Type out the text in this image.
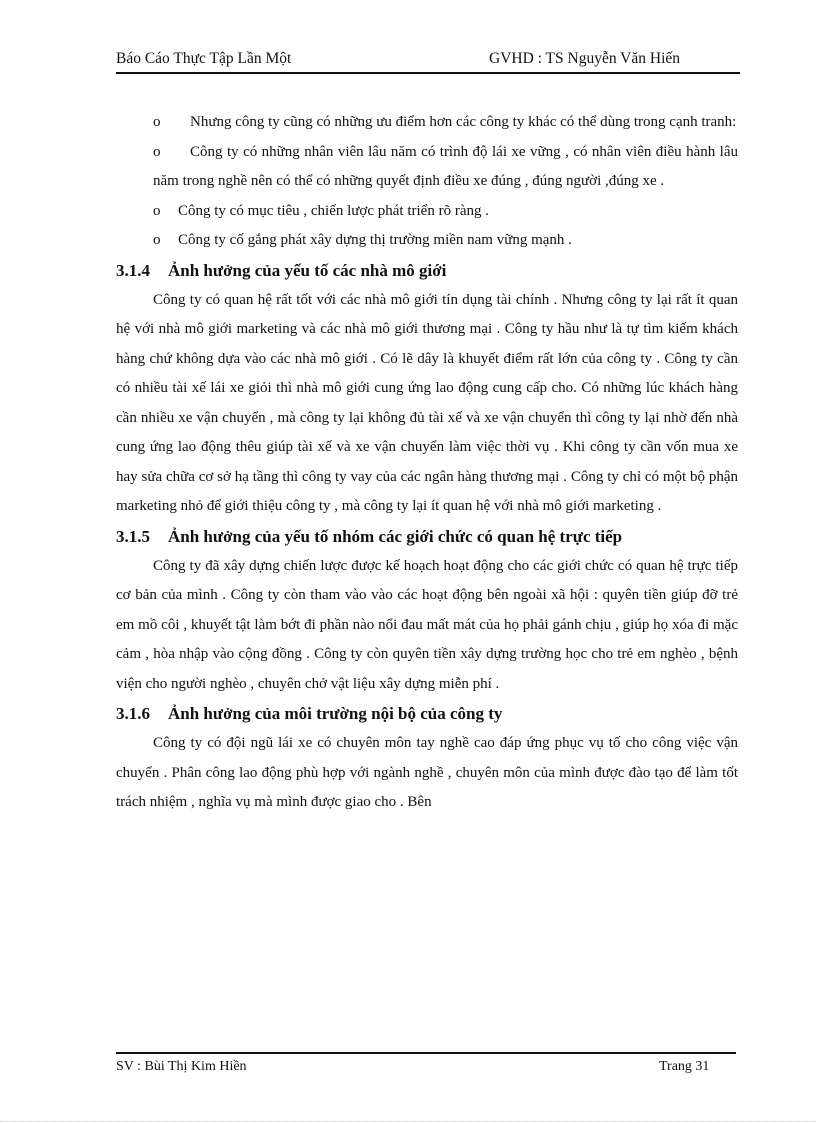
Báo Cáo Thực Tập Lần Một	GVHD : TS Nguyễn Văn Hiến
o Nhưng công ty cũng có những ưu điểm hơn các công ty khác có thể dùng trong cạnh tranh:
o Công ty có những nhân viên lâu năm có trình độ lái xe vững , có nhân viên điều hành lâu năm trong nghề nên có thể có những quyết định điều xe đúng , đúng người ,đúng xe .
o Công ty có mục tiêu , chiến lược phát triển rõ ràng .
o Công ty cố gắng phát xây dựng thị trường miền nam vững mạnh .
3.1.4 Ảnh hưởng của yếu tố các nhà mô giới

Công ty có quan hệ rất tốt với các nhà mô giới tín dụng tài chính . Nhưng công ty lại rất ít quan hệ với nhà mô giới marketing và các nhà mô giới thương mại . Công ty hầu như là tự tìm kiếm khách hàng chứ không dựa vào các nhà mô giới . Có lẽ dây là khuyết điểm rất lớn của công ty . Công ty cần có nhiều tài xế lái xe giỏi thì nhà mô giới cung ứng lao động cung cấp cho. Có những lúc khách hàng cần nhiều xe vận chuyển , mà công ty lại không đủ tài xế và xe vận chuyển thì công ty lại nhờ đến nhà cung ứng lao động thêu giúp tài xế và xe vận chuyển làm việc thời vụ . Khi công ty cần vốn mua xe hay sửa chữa cơ sở hạ tầng thì công ty vay của các ngân hàng thương mại . Công ty chỉ có một bộ phận marketing nhỏ để giới thiệu công ty , mà công ty lại ít quan hệ với nhà mô giới marketing .

3.1.5 Ảnh hưởng của yếu tố nhóm các giới chức có quan hệ trực tiếp

Công ty đã xây dựng chiến lược được kế hoạch hoạt động cho các giới chức có quan hệ trực tiếp cơ bản của mình . Công ty còn tham vào vào các hoạt động bên ngoài xã hội : quyên tiền giúp đỡ trẻ em mồ côi , khuyết tật làm bớt đi phần nào nổi đau mất mát của họ phải gánh chịu , giúp họ xóa đi mặc cảm , hòa nhập vào cộng đồng . Công ty còn quyên tiền xây dựng trường học cho trẻ em nghèo , bệnh viện cho người nghèo , chuyên chở vật liệu xây dựng miễn phí .

3.1.6 Ảnh hưởng của môi trường nội bộ của công ty

Công ty có đội ngũ lái xe có chuyên môn tay nghề cao đáp ứng phục vụ tố cho công việc vận chuyển . Phân công lao động phù hợp với ngành nghề , chuyên môn của mình được đào tạo để làm tốt trách nhiệm , nghĩa vụ mà mình được giao cho . Bên

SV : Bùi Thị Kim Hiền	Trang 31
